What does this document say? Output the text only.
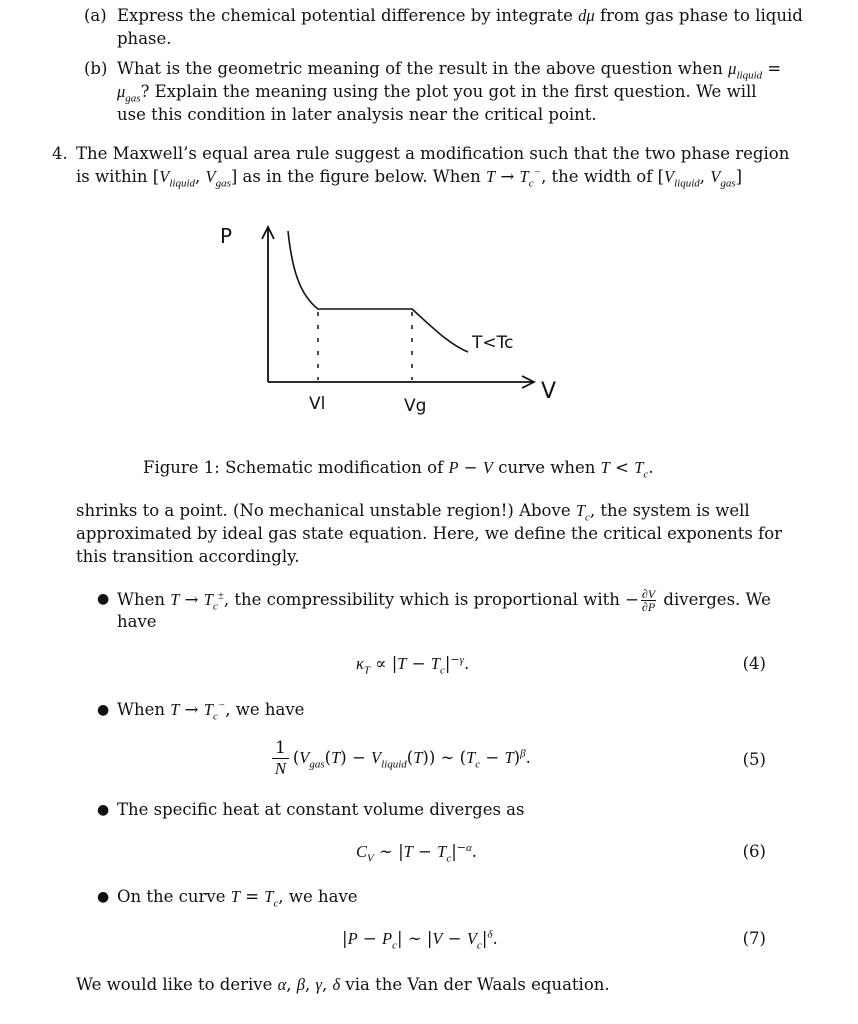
(a) Express the chemical potential difference by integrate dμ from gas phase to liquid
phase.
(b) What is the geometric meaning of the result in the above question when $\mu_{liquid}$ =
$\mu_{gas}$? Explain the meaning using the plot you got in the first question. We will
use this condition in later analysis near the critical point.
4. The Maxwell’s equal area rule suggest a modification such that the two phase region
is within [$V_{liquid}$, $V_{gas}$] as in the figure below. When $T \to T_c^-$, the width of [$V_{liquid}$, $V_{gas}$]
P
V
T<Tc
Vl	Vg
Figure 1: Schematic modification of P − V curve when $T < T_c$.
shrinks to a point. (No mechanical unstable region!) Above $T_c$, the system is well
approximated by ideal gas state equation. Here, we define the critical exponents for
this transition accordingly.
● When $T \to T_c^\pm$, the compressibility which is proportional with − $\frac{\partial V}{\partial P}$ diverges. We
have
$\kappa_T \propto |T - T_c|^{-\gamma}$.	(4)
● When $T \to T_c^-$, we have
$\frac{1}{N} (V_{gas}(T) - V_{liquid}(T))$ ∼ $(T_c - T)^\beta$.	(5)
● The specific heat at constant volume diverges as
$C_V$ ∼ $|T - T_c|^{-\alpha}$.	(6)
● On the curve $T = T_c$, we have
$|P - P_c|$ ∼ $|V - V_c|^\delta$.	(7)
We would like to derive α, β, γ, δ via the Van der Waals equation.
